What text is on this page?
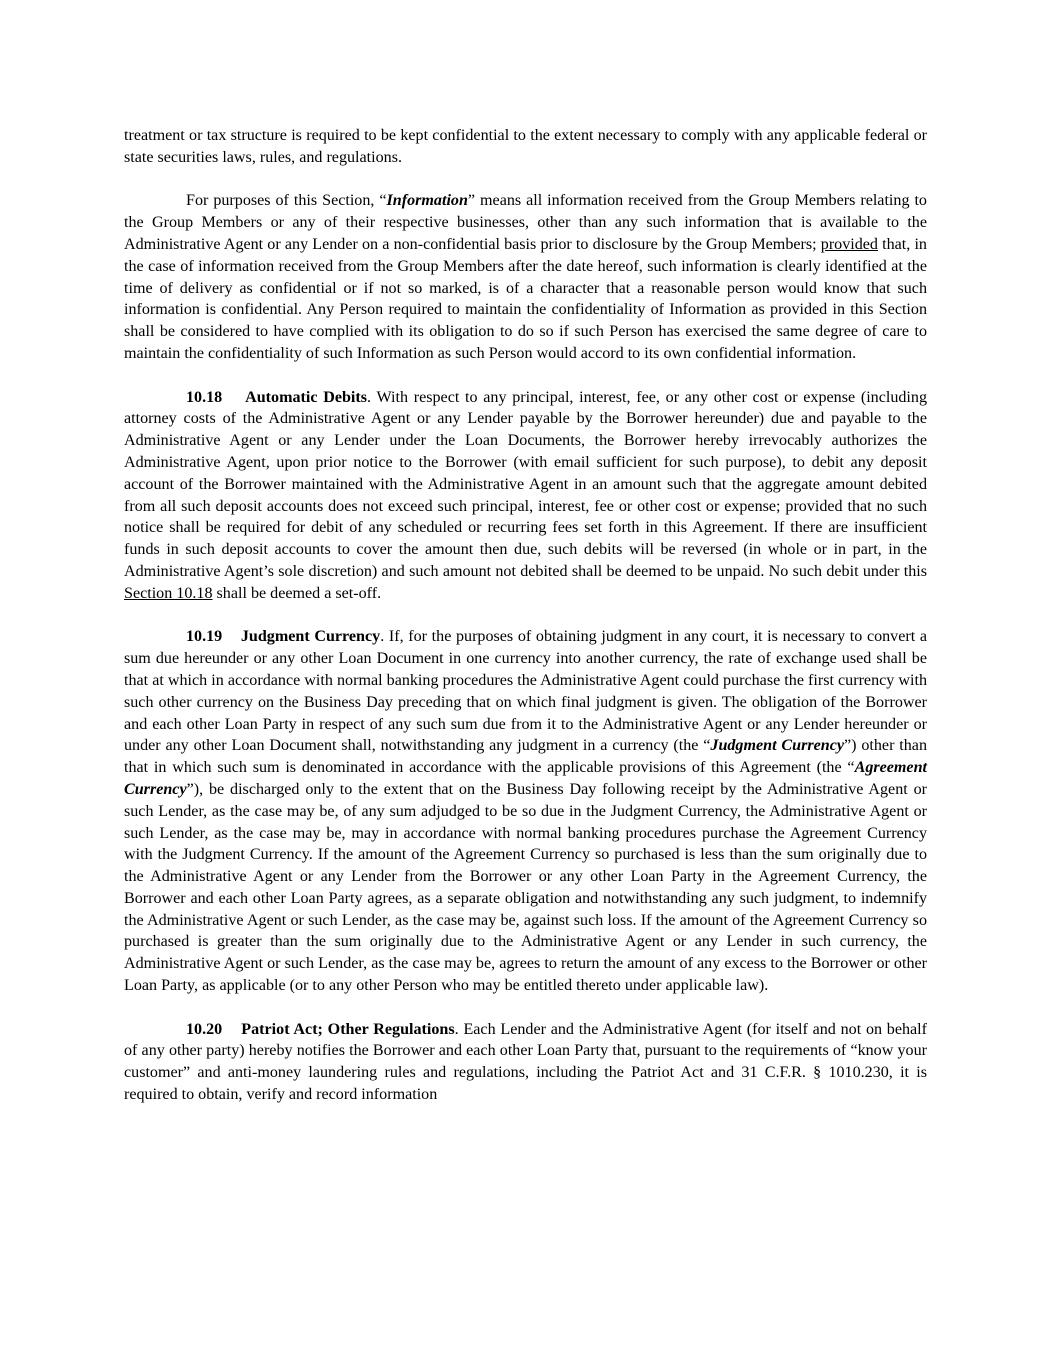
treatment or tax structure is required to be kept confidential to the extent necessary to comply with any applicable federal or state securities laws, rules, and regulations.

For purposes of this Section, “Information” means all information received from the Group Members relating to the Group Members or any of their respective businesses, other than any such information that is available to the Administrative Agent or any Lender on a non-confidential basis prior to disclosure by the Group Members; provided that, in the case of information received from the Group Members after the date hereof, such information is clearly identified at the time of delivery as confidential or if not so marked, is of a character that a reasonable person would know that such information is confidential. Any Person required to maintain the confidentiality of Information as provided in this Section shall be considered to have complied with its obligation to do so if such Person has exercised the same degree of care to maintain the confidentiality of such Information as such Person would accord to its own confidential information.

10.18 Automatic Debits. With respect to any principal, interest, fee, or any other cost or expense (including attorney costs of the Administrative Agent or any Lender payable by the Borrower hereunder) due and payable to the Administrative Agent or any Lender under the Loan Documents, the Borrower hereby irrevocably authorizes the Administrative Agent, upon prior notice to the Borrower (with email sufficient for such purpose), to debit any deposit account of the Borrower maintained with the Administrative Agent in an amount such that the aggregate amount debited from all such deposit accounts does not exceed such principal, interest, fee or other cost or expense; provided that no such notice shall be required for debit of any scheduled or recurring fees set forth in this Agreement. If there are insufficient funds in such deposit accounts to cover the amount then due, such debits will be reversed (in whole or in part, in the Administrative Agent’s sole discretion) and such amount not debited shall be deemed to be unpaid. No such debit under this Section 10.18 shall be deemed a set-off.

10.19 Judgment Currency. If, for the purposes of obtaining judgment in any court, it is necessary to convert a sum due hereunder or any other Loan Document in one currency into another currency, the rate of exchange used shall be that at which in accordance with normal banking procedures the Administrative Agent could purchase the first currency with such other currency on the Business Day preceding that on which final judgment is given. The obligation of the Borrower and each other Loan Party in respect of any such sum due from it to the Administrative Agent or any Lender hereunder or under any other Loan Document shall, notwithstanding any judgment in a currency (the “Judgment Currency”) other than that in which such sum is denominated in accordance with the applicable provisions of this Agreement (the “Agreement Currency”), be discharged only to the extent that on the Business Day following receipt by the Administrative Agent or such Lender, as the case may be, of any sum adjudged to be so due in the Judgment Currency, the Administrative Agent or such Lender, as the case may be, may in accordance with normal banking procedures purchase the Agreement Currency with the Judgment Currency. If the amount of the Agreement Currency so purchased is less than the sum originally due to the Administrative Agent or any Lender from the Borrower or any other Loan Party in the Agreement Currency, the Borrower and each other Loan Party agrees, as a separate obligation and notwithstanding any such judgment, to indemnify the Administrative Agent or such Lender, as the case may be, against such loss. If the amount of the Agreement Currency so purchased is greater than the sum originally due to the Administrative Agent or any Lender in such currency, the Administrative Agent or such Lender, as the case may be, agrees to return the amount of any excess to the Borrower or other Loan Party, as applicable (or to any other Person who may be entitled thereto under applicable law).

10.20 Patriot Act; Other Regulations. Each Lender and the Administrative Agent (for itself and not on behalf of any other party) hereby notifies the Borrower and each other Loan Party that, pursuant to the requirements of “know your customer” and anti-money laundering rules and regulations, including the Patriot Act and 31 C.F.R. § 1010.230, it is required to obtain, verify and record information
